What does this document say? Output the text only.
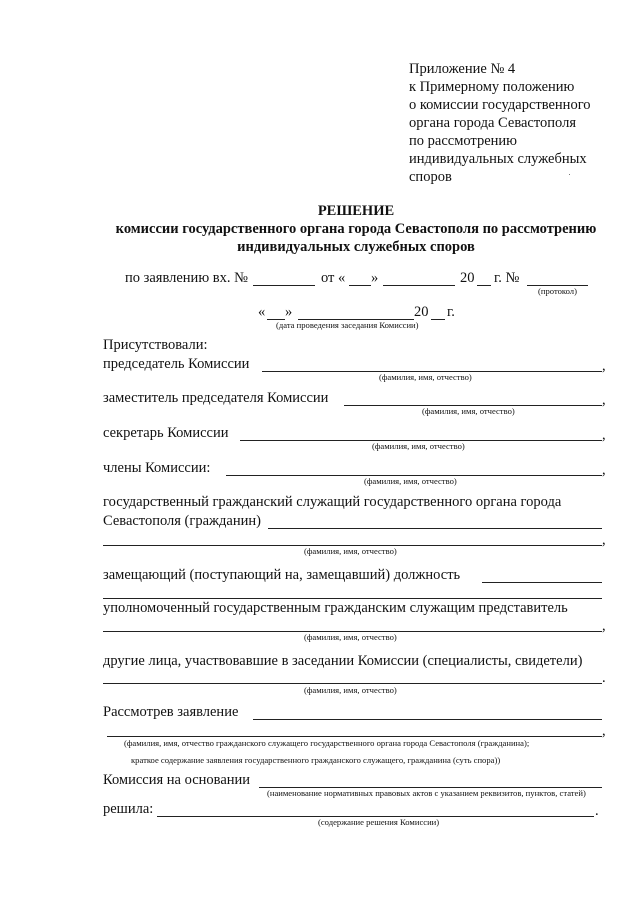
Приложение № 4
к Примерному положению
о комиссии государственного
органа города Севастополя
по рассмотрению
индивидуальных служебных
споров
РЕШЕНИЕ
комиссии государственного органа города Севастополя по рассмотрению
индивидуальных служебных споров
по заявлению вх. №	от « »	20 г. №
(протокол)
« »	20 г.
(дата проведения заседания Комиссии)
Присутствовали:
председатель Комиссии	,
(фамилия, имя, отчество)
заместитель председателя Комиссии	,
(фамилия, имя, отчество)
секретарь Комиссии	,
(фамилия, имя, отчество)
члены Комиссии:	,
(фамилия, имя, отчество)
государственный гражданский служащий государственного органа города
Севастополя (гражданин)
,
(фамилия, имя, отчество)
замещающий (поступающий на, замещавший) должность
уполномоченный государственным гражданским служащим представитель
,
(фамилия, имя, отчество)
другие лица, участвовавшие в заседании Комиссии (специалисты, свидетели)
.
(фамилия, имя, отчество)
Рассмотрев заявление
,
(фамилия, имя, отчество гражданского служащего государственного органа города Севастополя (гражданина);
краткое содержание заявления государственного гражданского служащего, гражданина (суть спора))
Комиссия на основании
(наименование нормативных правовых актов с указанием реквизитов, пунктов, статей)
решила:	.
(содержание решения Комиссии)
